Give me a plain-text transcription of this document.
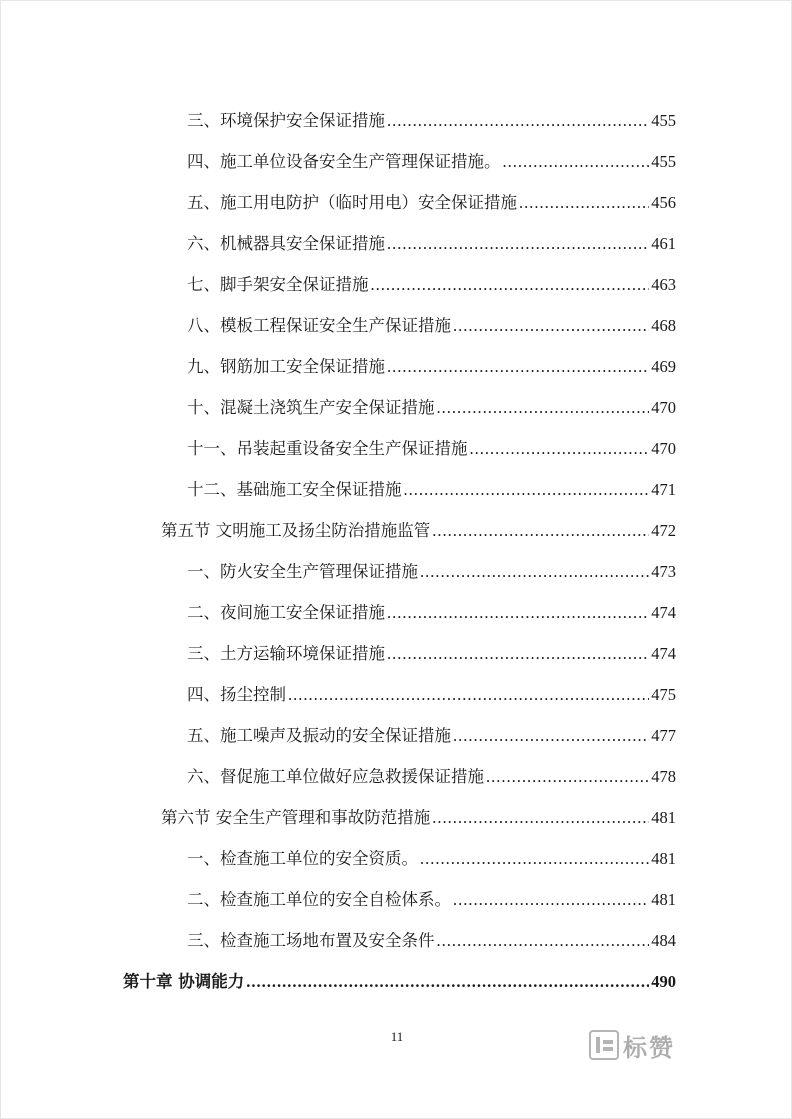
三、环境保护安全保证措施 .....	455
四、施工单位设备安全生产管理保证措施。 .....	455
五、施工用电防护（临时用电）安全保证措施 .....	456
六、机械器具安全保证措施 .....	461
七、脚手架安全保证措施 .....	463
八、模板工程保证安全生产保证措施 .....	468
九、钢筋加工安全保证措施 .....	469
十、混凝土浇筑生产安全保证措施 .....	470
十一、吊装起重设备安全生产保证措施 .....	470
十二、基础施工安全保证措施 .....	471
第五节 文明施工及扬尘防治措施监管 .....	472
一、防火安全生产管理保证措施 .....	473
二、夜间施工安全保证措施 .....	474
三、土方运输环境保证措施 .....	474
四、扬尘控制 .....	475
五、施工噪声及振动的安全保证措施 .....	477
六、督促施工单位做好应急救援保证措施 .....	478
第六节 安全生产管理和事故防范措施 .....	481
一、检查施工单位的安全资质。 .....	481
二、检查施工单位的安全自检体系。 .....	481
三、检查施工场地布置及安全条件 .....	484
第十章 协调能力 .....	490
11	标赞
